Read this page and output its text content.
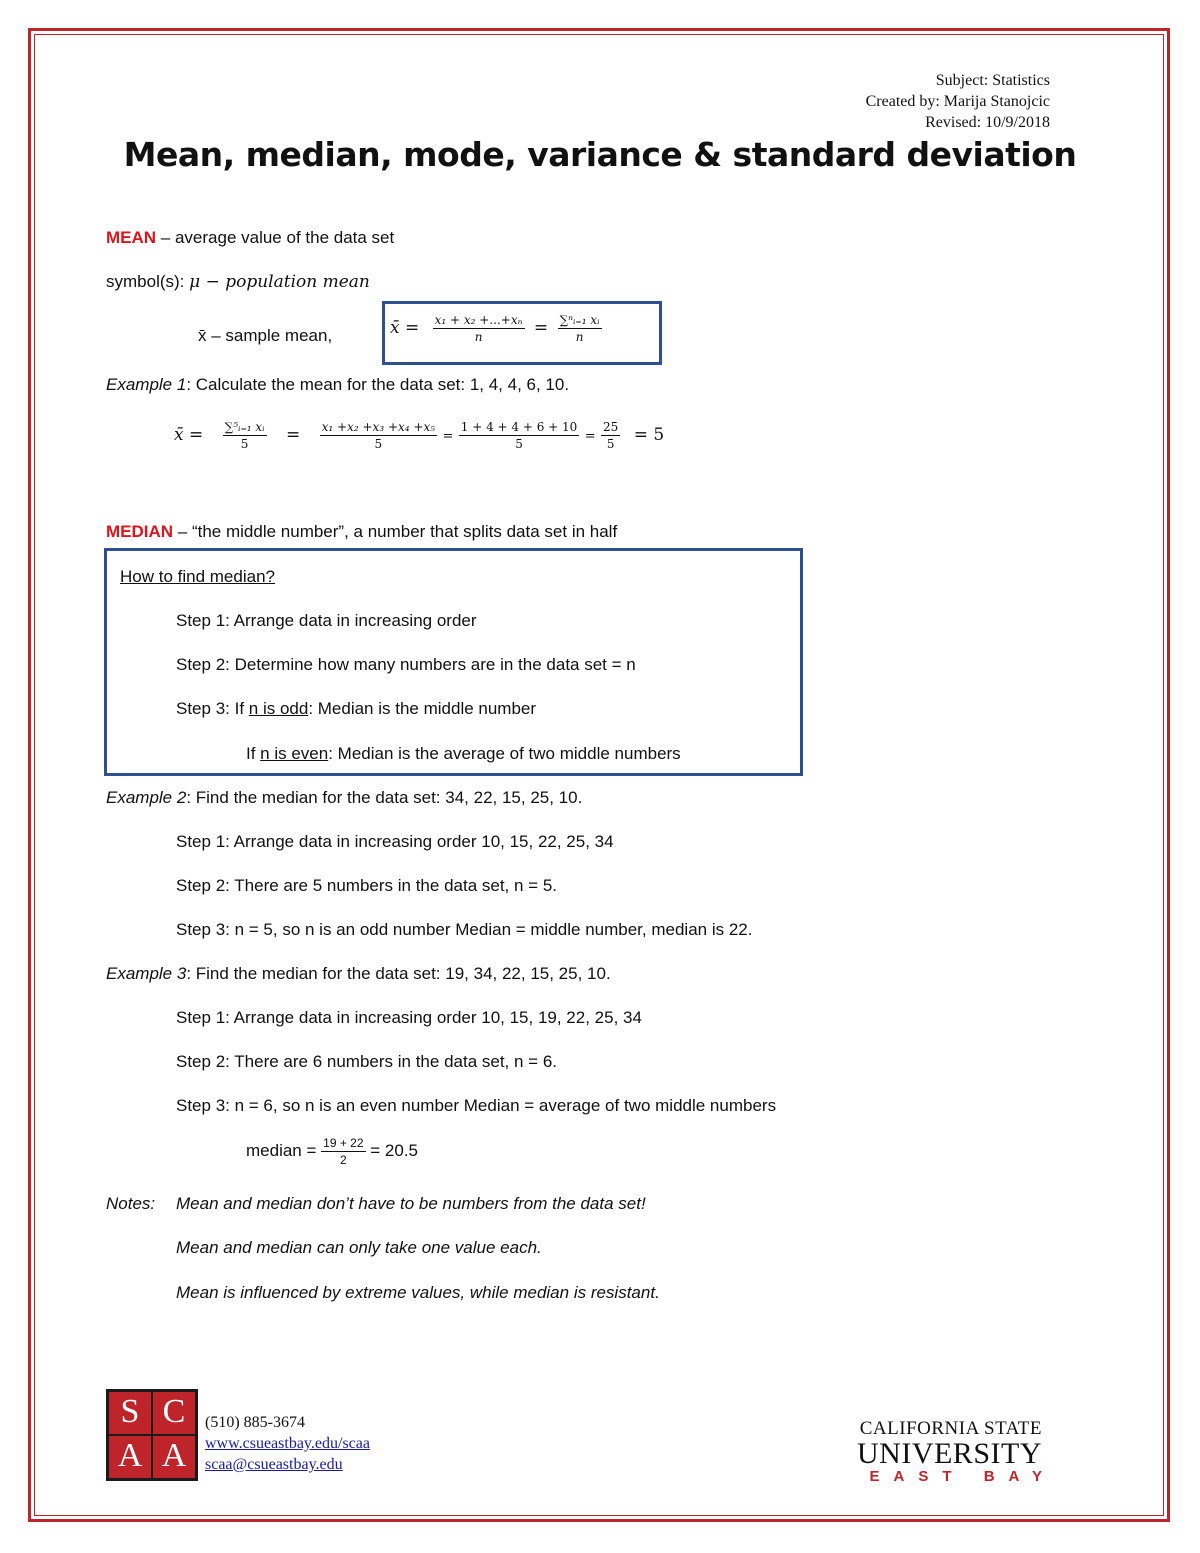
Subject: Statistics
Created by: Marija Stanojcic
Revised: 10/9/2018
Mean, median, mode, variance & standard deviation
MEAN – average value of the data set
symbol(s): μ − population mean
x̄ – sample mean,	x̄ = $\frac{\text{x₁ + x₂ +...+xₙ}}{n} = \frac{\text{∑ⁿᵢ₌₁ xᵢ}}{n}$
Example 1: Calculate the mean for the data set: 1, 4, 4, 6, 10.
x̄ = $\frac{\text{∑⁵ᵢ₌₁ xᵢ}}{5} = \frac{\text{x₁ +x₂ +x₃ +x₄ +x₅}}{5} = \frac{1 + 4 + 4 + 6 + 10}{5} = \frac{25}{5} = 5$
MEDIAN – “the middle number”, a number that splits data set in half
How to find median?
Step 1: Arrange data in increasing order
Step 2: Determine how many numbers are in the data set = n
Step 3: If n is odd: Median is the middle number
If n is even: Median is the average of two middle numbers
Example 2: Find the median for the data set: 34, 22, 15, 25, 10.
Step 1: Arrange data in increasing order 10, 15, 22, 25, 34
Step 2: There are 5 numbers in the data set, n = 5.
Step 3: n = 5, so n is an odd number Median = middle number, median is 22.
Example 3: Find the median for the data set: 19, 34, 22, 15, 25, 10.
Step 1: Arrange data in increasing order 10, 15, 19, 22, 25, 34
Step 2: There are 6 numbers in the data set, n = 6.
Step 3: n = 6, so n is an even number Median = average of two middle numbers
median = $\frac{19 + 22}{2} = 20.5$
Notes: Mean and median don’t have to be numbers from the data set!
Mean and median can only take one value each.
Mean is influenced by extreme values, while median is resistant.
S C
A A
(510) 885-3674
www.csueastbay.edu/scaa
scaa@csueastbay.edu
CALIFORNIA STATE
UNIVERSITY
EAST BAY
